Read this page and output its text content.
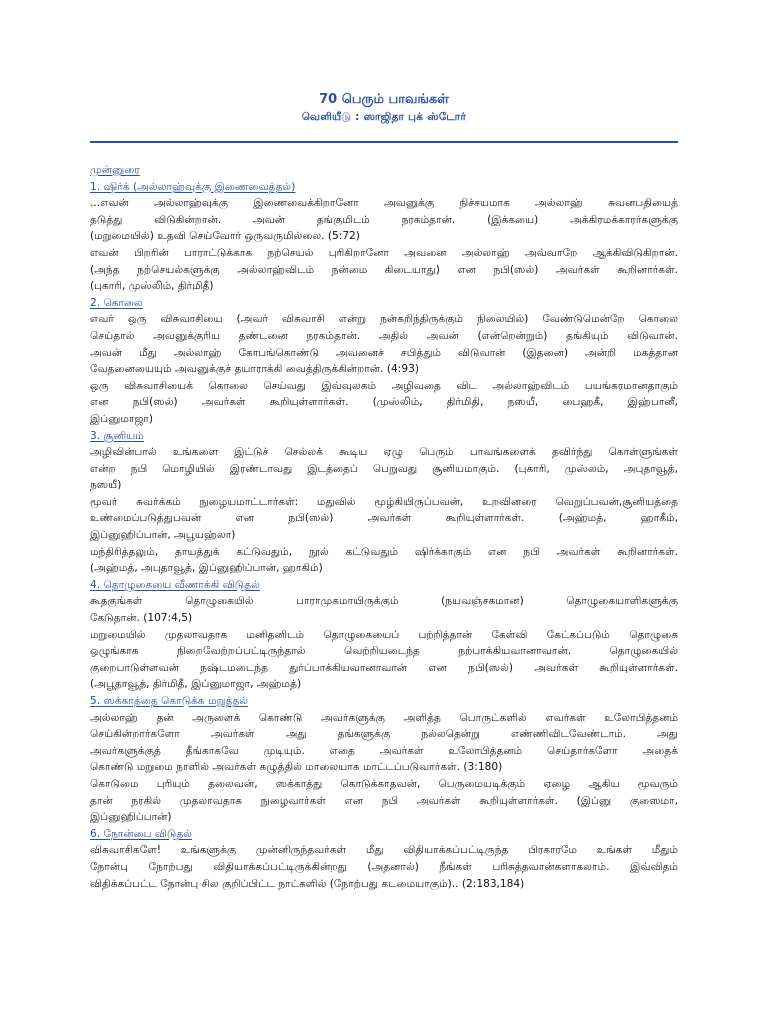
70 பெரும் பாவங்கள்
வெளியீடு : ஸாஜிதா புக் ஸ்டோர்
முன்னுரை
1. ஷிர்க் (அல்லாஹ்வுக்கு இணைவைத்தல்)
...எவன் அல்லாஹ்வுக்கு இணைவைக்கிறானோ அவனுக்கு நிச்சயமாக அல்லாஹ் சுவனபதியைத்
தடுத்து விடுகின்றான். அவன் தங்குமிடம் நரகம்தான். (இக்கயை) அக்கிரமக்காரர்களுக்கு
(மறுமையில்) உதவி செய்வோர் ஒருவருமில்லை. (5:72)
எவன் பிறரின் பாராட்டுக்காக நற்செயல் புரிகிறானோ அவனை அல்லாஹ் அவ்வாறே ஆக்கிவிடுகிறான்.
(அந்த நற்செயல்களுக்கு அல்லாஹ்விடம் நன்மை கிடையாது) என நபி(ஸல்) அவர்கள் கூறினார்கள்.
(புகாரி, முஸ்லிம், திர்மிதீ)
2. கொலை
எவர் ஒரு விசுவாசியை (அவர் விசுவாசி என்று நன்கறிந்திருக்கும் நிலையில்) வேண்டுமென்றே கொலை
செய்தால் அவனுக்குரிய தண்டனை நரகம்தான். அதில் அவன் (என்றென்றும்) தங்கியும் விடுவான்.
அவன் மீது அல்லாஹ் கோபங்கொண்டு அவனைச் சபித்தும் விடுவான் (இதனை) அன்றி மகத்தான
வேதனையையும் அவனுக்குச் தயாராக்கி வைத்திருக்கின்றான். (4:93)
ஒரு விசுவாசியைக் கொலை செய்வது இவ்வுலகம் அழிவதை விட அல்லாஹ்விடம் பயங்கரமானதாகும்
என நபி(ஸல்) அவர்கள் கூறியுள்ளார்கள். (முஸ்லிம், திர்மிதி, நஸயீ, பைஹகீ, இஹ்பானீ,
இப்னுமாஜா)
3. சூனியம்
அழிவின்பால் உங்களை இட்டுச் செல்லக் கூடிய ஏழு பெரும் பாவங்களைக் தவிர்ந்து கொள்ளுங்கள்
என்ற நபி மொழியில் இரண்டாவது இடத்தைப் பெறுவது சூனியமாகும். (புகாரி, முஸ்லம், அபுதாவூத்,
நஸயீ)
மூவர் சுவர்க்கம் நுழையமாட்டார்கள்: மதுவில் மூழ்கியிருப்பவன், உறவினரை வெறுப்பவன்,சூனியத்தை
உண்மைப்படுத்துபவன் என நபி(ஸல்) அவர்கள் கூறியுள்ளார்கள். (அஹ்மத், ஹாகீம்,
இப்னுஹிப்பான், அபூயஹ்லா)
மந்திரித்தலும், தாயத்துக் கட்டுவதும், நூல் கட்டுவதும் ஷிர்க்காகும் என நபி அவர்கள் கூறினார்கள்.
(அஹ்மத், அபுதாவூத், இப்னுஹிப்பான், ஹாகிம்)
4. தொழுகையை வீணாக்கி விடுதல்
கூதகுங்கள் தொழுகையில் பாராமுகமாயிருக்கும் (நயவஞ்சகமான) தொழுகையாளிகளுக்கு
கேடுதான். (107:4,5)
மறுமையில் முதலாவதாக மனிதனிடம் தொழுகையைப் பற்றித்தான் கேள்வி கேட்கப்படும் தொழுகை
ஒழுங்காக நிறைவேற்றப்பட்டிருந்தால் வெற்றியடைந்த நற்பாக்கியவானாவான். தொழுகையில்
குறைபாடுள்ளவன் நஷ்டமடைந்த துர்ப்பாக்கியவானாவான் என நபி(ஸல்) அவர்கள் கூறியுள்ளார்கள்.
(அபூதாவூத், திர்மிதீ, இப்னுமாஜா, அஹ்மத்)
5. ஸக்காத்தை கொடுக்க மறுத்தல்
அல்லாஹ் தன் அருளைக் கொண்டு அவர்களுக்கு அளித்த பொருட்களில் எவர்கள் உலோபித்தனம்
செய்கின்றார்களோ அவர்கள் அது தங்களுக்கு நல்லதென்று எண்ணிவிடவேண்டாம். அது
அவர்களுக்குத் தீங்காகவே முடியும். எதை அவர்கள் உலோபித்தனம் செய்தார்களோ அதைக்
கொண்டு மறுமை நாளில் அவர்கள் கழுத்தில் மாலையாக மாட்டப்படுவார்கள். (3:180)
கொடுமை புரியும் தலைவன், ஸக்காத்து கொடுக்காதவன், பெருமையடிக்கும் ஏழை ஆகிய மூவரும்
தான் நரகில் முதலாவதாக நுழைவார்கள் என நபி அவர்கள் கூறியுள்ளார்கள். (இப்னு குஸைமா,
இப்னுஹிப்பான்)
6. நோன்பை விடுதல்
விசுவாசிகளே! உங்களுக்கு முன்னிருந்தவர்கள் மீது விதியாக்கப்பட்டிருந்த பிரகாரமே உங்கள் மீதும்
நோன்பு நோற்பது விதியாக்கப்பட்டிருக்கின்றது (அதனால்) நீங்கள் பரிசுத்தவான்களாகலாம். இவ்விதம்
விதிக்கப்பட்ட நோன்பு சில குறிப்பிட்ட நாட்களில் (நோற்பது கடமையாகும்).. (2:183,184)
